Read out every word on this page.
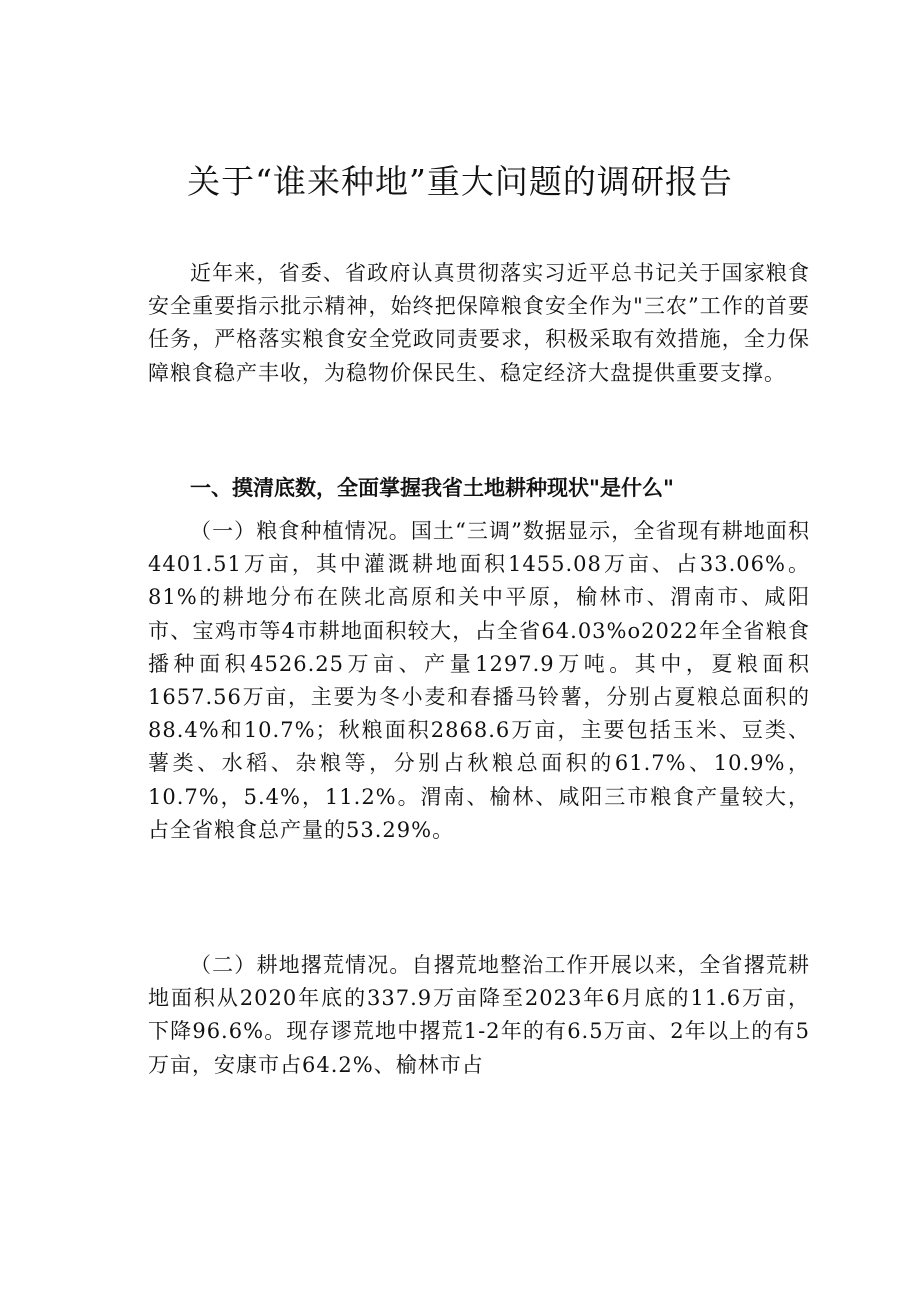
关于“谁来种地”重大问题的调研报告

近年来，省委、省政府认真贯彻落实习近平总书记关于国家粮食安全重要指示批示精神，始终把保障粮食安全作为"三农”工作的首要任务，严格落实粮食安全党政同责要求，积极采取有效措施，全力保障粮食稳产丰收，为稳物价保民生、稳定经济大盘提供重要支撑。

一、摸清底数，全面掌握我省土地耕种现状"是什么"

（一）粮食种植情况。国土“三调”数据显示，全省现有耕地面积4401.51万亩，其中灌溉耕地面积1455.08万亩、占33.06%。81%的耕地分布在陕北高原和关中平原，榆林市、渭南市、咸阳市、宝鸡市等4市耕地面积较大，占全省64.03%o2022年全省粮食播种面积4526.25万亩、产量1297.9万吨。其中，夏粮面积1657.56万亩，主要为冬小麦和春播马铃薯，分别占夏粮总面积的88.4%和10.7%；秋粮面积2868.6万亩，主要包括玉米、豆类、薯类、水稻、杂粮等，分别占秋粮总面积的61.7%、10.9%，10.7%，5.4%，11.2%。渭南、榆林、咸阳三市粮食产量较大，占全省粮食总产量的53.29%。

（二）耕地撂荒情况。自撂荒地整治工作开展以来，全省撂荒耕地面积从2020年底的337.9万亩降至2023年6月底的11.6万亩，下降96.6%。现存谬荒地中撂荒1-2年的有6.5万亩、2年以上的有5万亩，安康市占64.2%、榆林市占
